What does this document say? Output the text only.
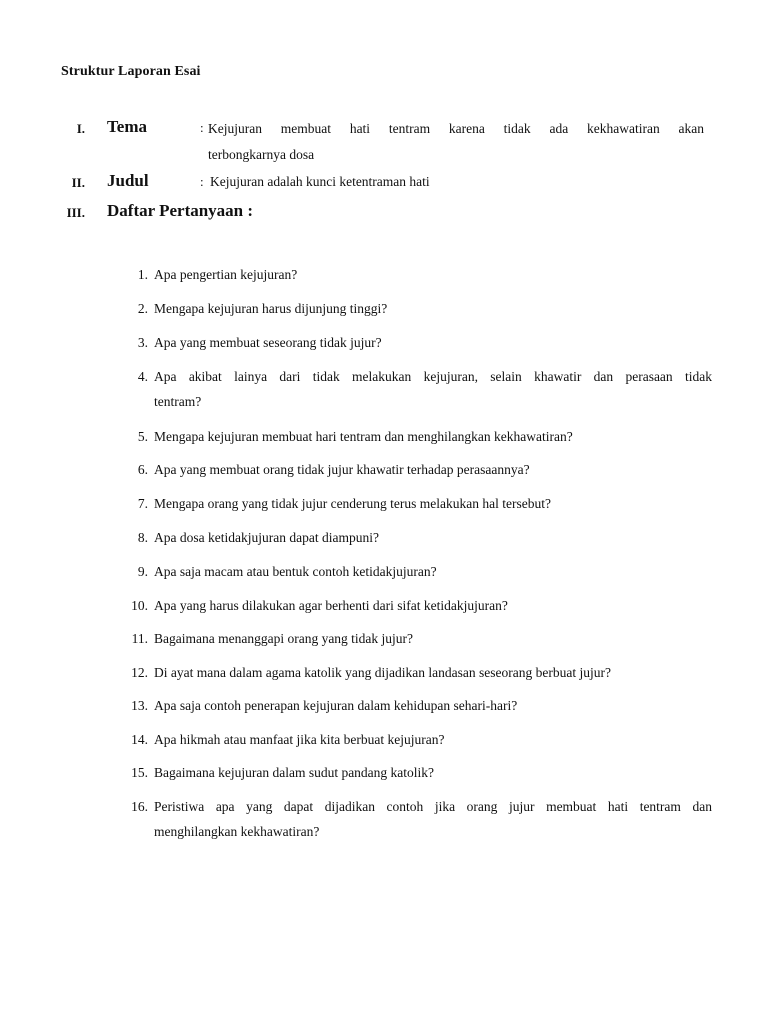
Struktur Laporan Esai
I. Tema	: Kejujuran membuat hati tentram karena tidak ada kekhawatiran akan
terbongkarnya dosa
II. Judul	: Kejujuran adalah kunci ketentraman hati
III. Daftar Pertanyaan :
1. Apa pengertian kejujuran?
2. Mengapa kejujuran harus dijunjung tinggi?
3. Apa yang membuat seseorang tidak jujur?
4. Apa akibat lainya dari tidak melakukan kejujuran, selain khawatir dan perasaan tidak
tentram?
5. Mengapa kejujuran membuat hari tentram dan menghilangkan kekhawatiran?
6. Apa yang membuat orang tidak jujur khawatir terhadap perasaannya?
7. Mengapa orang yang tidak jujur cenderung terus melakukan hal tersebut?
8. Apa dosa ketidakjujuran dapat diampuni?
9. Apa saja macam atau bentuk contoh ketidakjujuran?
10. Apa yang harus dilakukan agar berhenti dari sifat ketidakjujuran?
11. Bagaimana menanggapi orang yang tidak jujur?
12. Di ayat mana dalam agama katolik yang dijadikan landasan seseorang berbuat jujur?
13. Apa saja contoh penerapan kejujuran dalam kehidupan sehari-hari?
14. Apa hikmah atau manfaat jika kita berbuat kejujuran?
15. Bagaimana kejujuran dalam sudut pandang katolik?
16. Peristiwa apa yang dapat dijadikan contoh jika orang jujur membuat hati tentram dan
menghilangkan kekhawatiran?
